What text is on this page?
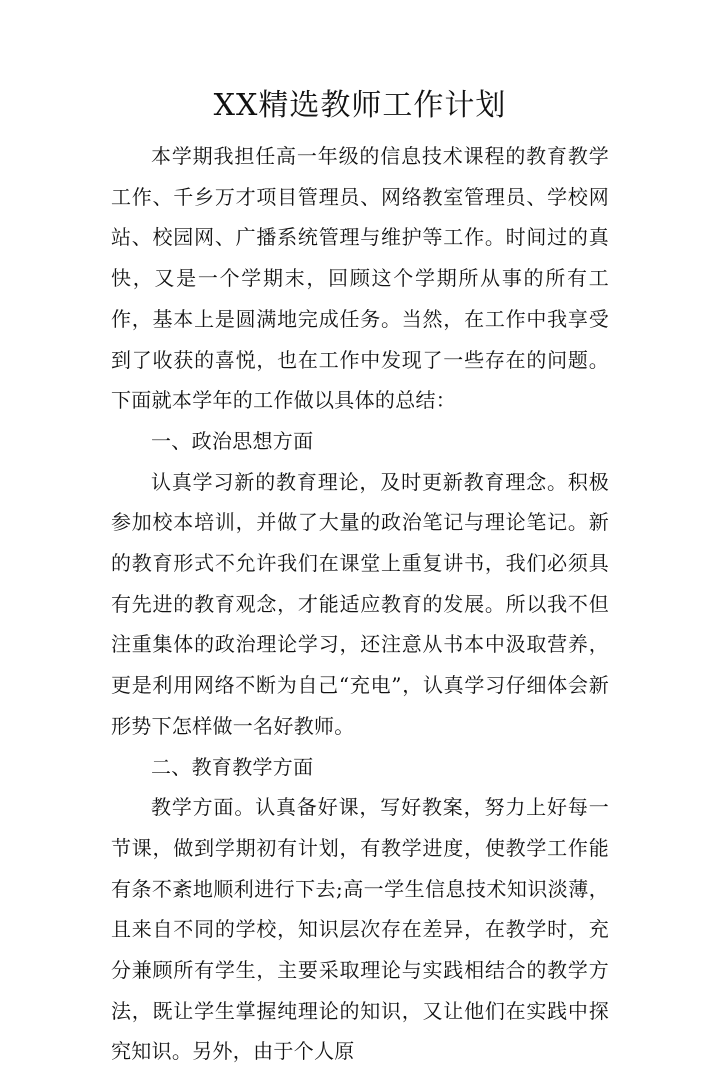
XX精选教师工作计划

本学期我担任高一年级的信息技术课程的教育教学工作、千乡万才项目管理员、网络教室管理员、学校网站、校园网、广播系统管理与维护等工作。时间过的真快，又是一个学期末，回顾这个学期所从事的所有工作，基本上是圆满地完成任务。当然，在工作中我享受到了收获的喜悦，也在工作中发现了一些存在的问题。下面就本学年的工作做以具体的总结：

一、政治思想方面

认真学习新的教育理论，及时更新教育理念。积极参加校本培训，并做了大量的政治笔记与理论笔记。新的教育形式不允许我们在课堂上重复讲书，我们必须具有先进的教育观念，才能适应教育的发展。所以我不但注重集体的政治理论学习，还注意从书本中汲取营养，更是利用网络不断为自己“充电”，认真学习仔细体会新形势下怎样做一名好教师。

二、教育教学方面

教学方面。认真备好课，写好教案，努力上好每一节课，做到学期初有计划，有教学进度，使教学工作能有条不紊地顺利进行下去;高一学生信息技术知识淡薄，且来自不同的学校，知识层次存在差异，在教学时，充分兼顾所有学生，主要采取理论与实践相结合的教学方法，既让学生掌握纯理论的知识，又让他们在实践中探究知识。另外，由于个人原
